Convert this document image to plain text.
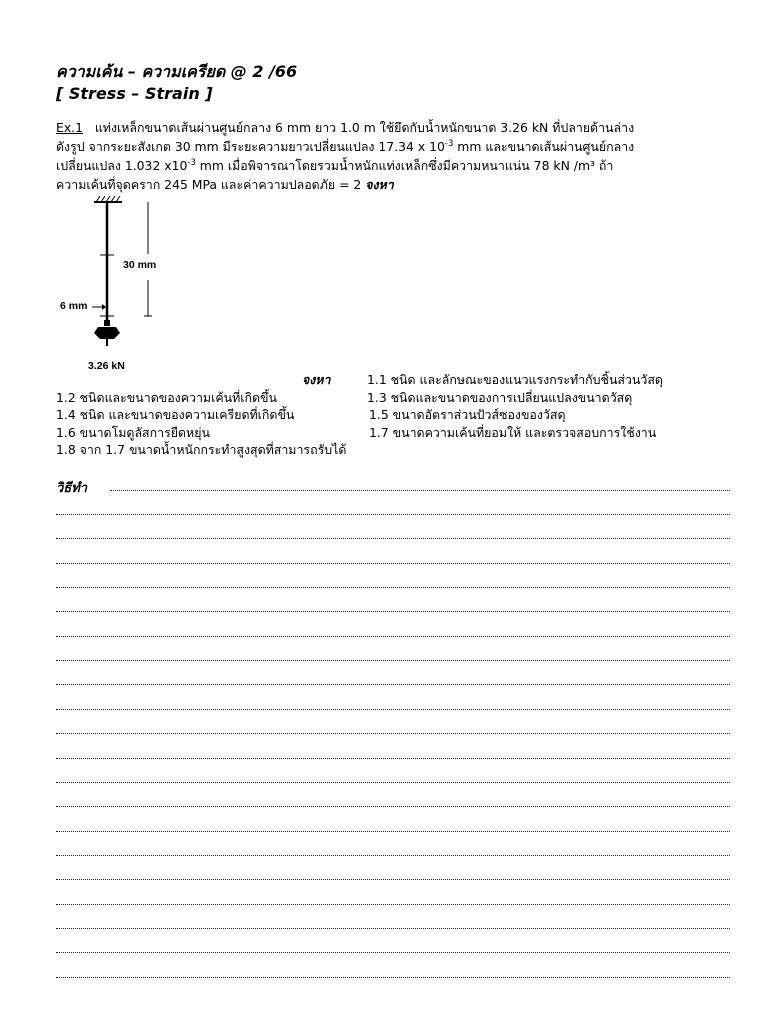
ความเค้น – ความเครียด @ 2 /66
[ Stress – Strain ]
Ex.1 แท่งเหล็กขนาดเส้นผ่านศูนย์กลาง 6 mm ยาว 1.0 m ใช้ยึดกับน้ำหนักขนาด 3.26 kN ที่ปลายด้านล่าง
ดังรูป จากระยะสังเกต 30 mm มีระยะความยาวเปลี่ยนแปลง 17.34 x $10^{-3}$ mm และขนาดเส้นผ่านศูนย์กลาง
เปลี่ยนแปลง 1.032 $x10^{-3}$ mm เมื่อพิจารณาโดยรวมน้ำหนักแท่งเหล็กซึ่งมีความหนาแน่น 78 kN /m³ ถ้า
ความเค้นที่จุดคราก 245 MPa และค่าความปลอดภัย = 2 จงหา
30 mm
6 mm
3.26 kN
จงหา	1.1 ชนิด และลักษณะของแนวแรงกระทำกับชิ้นส่วนวัสดุ
1.2 ชนิดและขนาดของความเค้นที่เกิดขึ้น	1.3 ชนิดและขนาดของการเปลี่ยนแปลงขนาดวัสดุ
1.4 ชนิด และขนาดของความเครียดที่เกิดขึ้น	1.5 ขนาดอัตราส่วนปัวส์ซองของวัสดุ
1.6 ขนาดโมดูลัสการยืดหยุ่น	1.7 ขนาดความเค้นที่ยอมให้ และตรวจสอบการใช้งาน
1.8 จาก 1.7 ขนาดน้ำหนักกระทำสูงสุดที่สามารถรับได้
วิธีทำ
